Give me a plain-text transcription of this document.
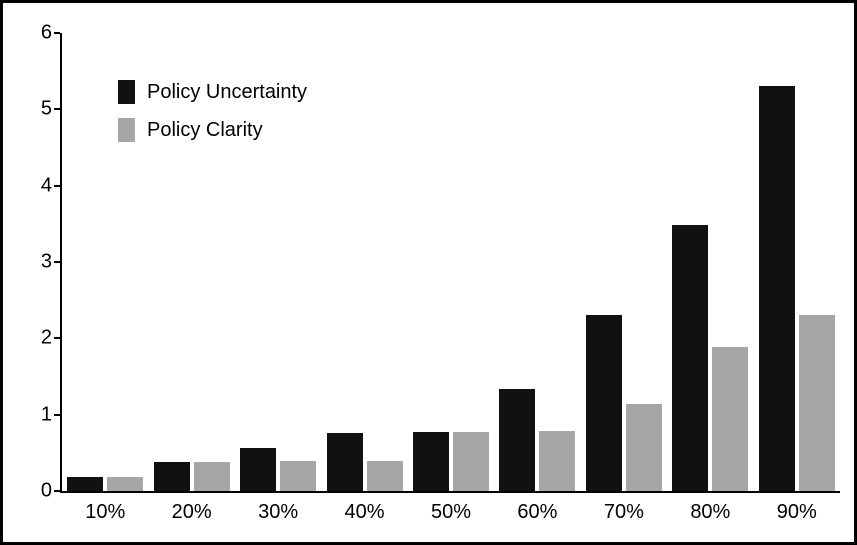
0
1
2
3
4
5
6
10% 20% 30% 40% 50% 60% 70% 80% 90%
Policy Uncertainty
Policy Clarity
